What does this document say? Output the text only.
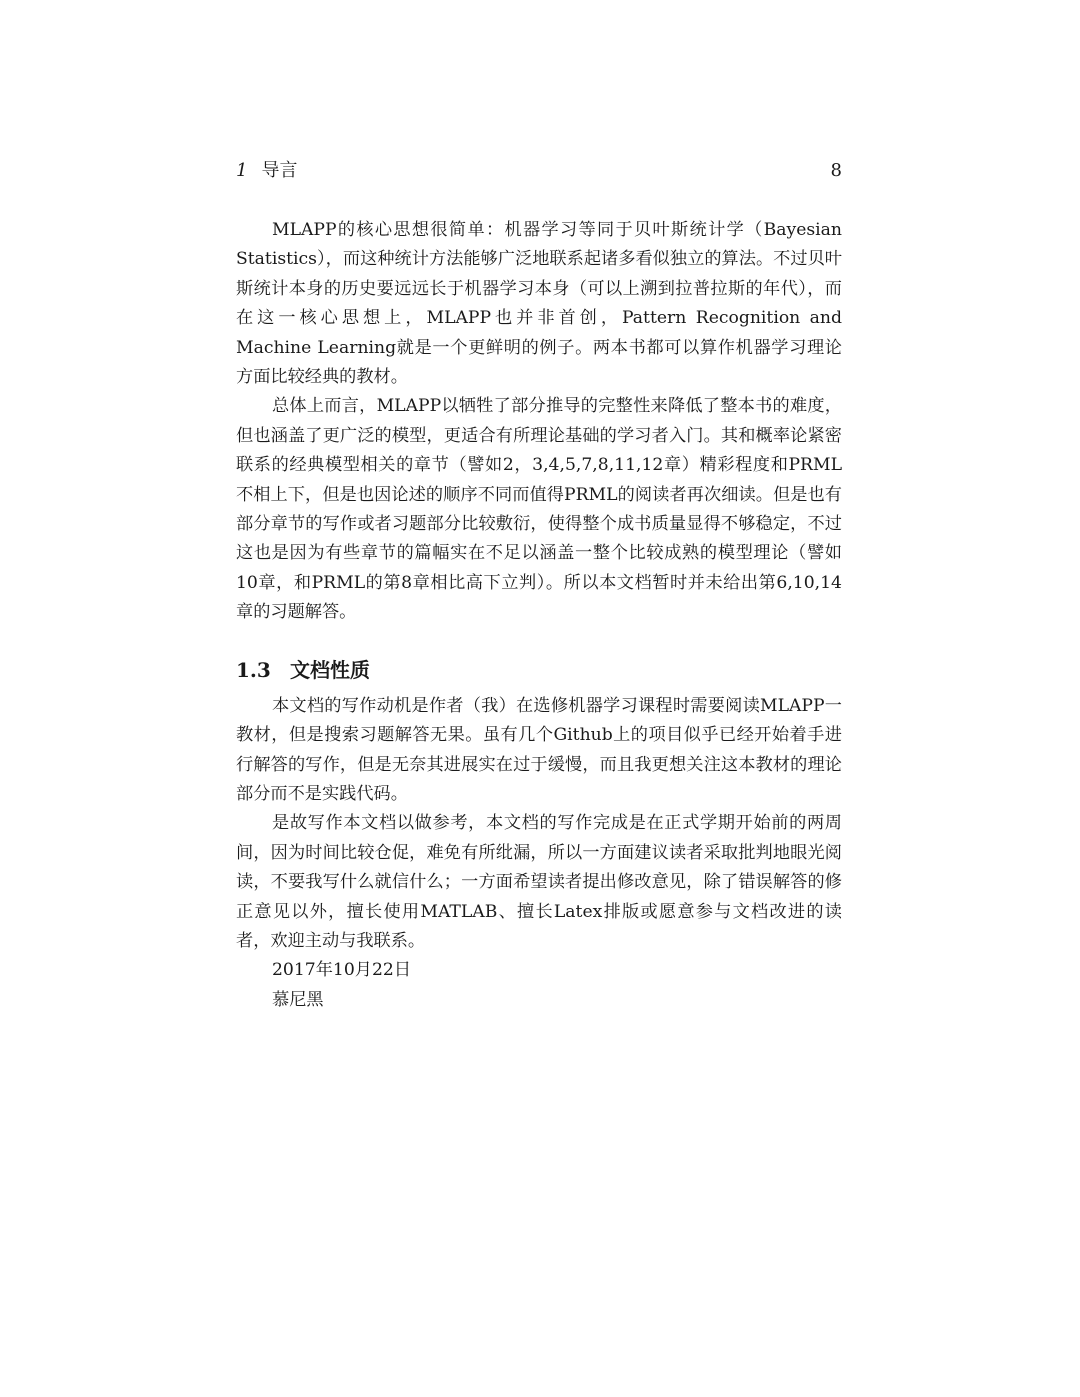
1 导言	8

MLAPP的核心思想很简单：机器学习等同于贝叶斯统计学（Bayesian Statistics），而这种统计方法能够广泛地联系起诸多看似独立的算法。不过贝叶斯统计本身的历史要远远长于机器学习本身（可以上溯到拉普拉斯的年代），而在这一核心思想上，MLAPP也并非首创，Pattern Recognition and Machine Learning就是一个更鲜明的例子。两本书都可以算作机器学习理论方面比较经典的教材。

总体上而言，MLAPP以牺牲了部分推导的完整性来降低了整本书的难度，但也涵盖了更广泛的模型，更适合有所理论基础的学习者入门。其和概率论紧密联系的经典模型相关的章节（譬如2，3,4,5,7,8,11,12章）精彩程度和PRML不相上下，但是也因论述的顺序不同而值得PRML的阅读者再次细读。但是也有部分章节的写作或者习题部分比较敷衍，使得整个成书质量显得不够稳定，不过这也是因为有些章节的篇幅实在不足以涵盖一整个比较成熟的模型理论（譬如10章，和PRML的第8章相比高下立判）。所以本文档暂时并未给出第6,10,14章的习题解答。

1.3 文档性质

本文档的写作动机是作者（我）在选修机器学习课程时需要阅读MLAPP一教材，但是搜索习题解答无果。虽有几个Github上的项目似乎已经开始着手进行解答的写作，但是无奈其进展实在过于缓慢，而且我更想关注这本教材的理论部分而不是实践代码。

是故写作本文档以做参考，本文档的写作完成是在正式学期开始前的两周间，因为时间比较仓促，难免有所纰漏，所以一方面建议读者采取批判地眼光阅读，不要我写什么就信什么；一方面希望读者提出修改意见，除了错误解答的修正意见以外，擅长使用MATLAB、擅长Latex排版或愿意参与文档改进的读者，欢迎主动与我联系。

2017年10月22日

慕尼黑
